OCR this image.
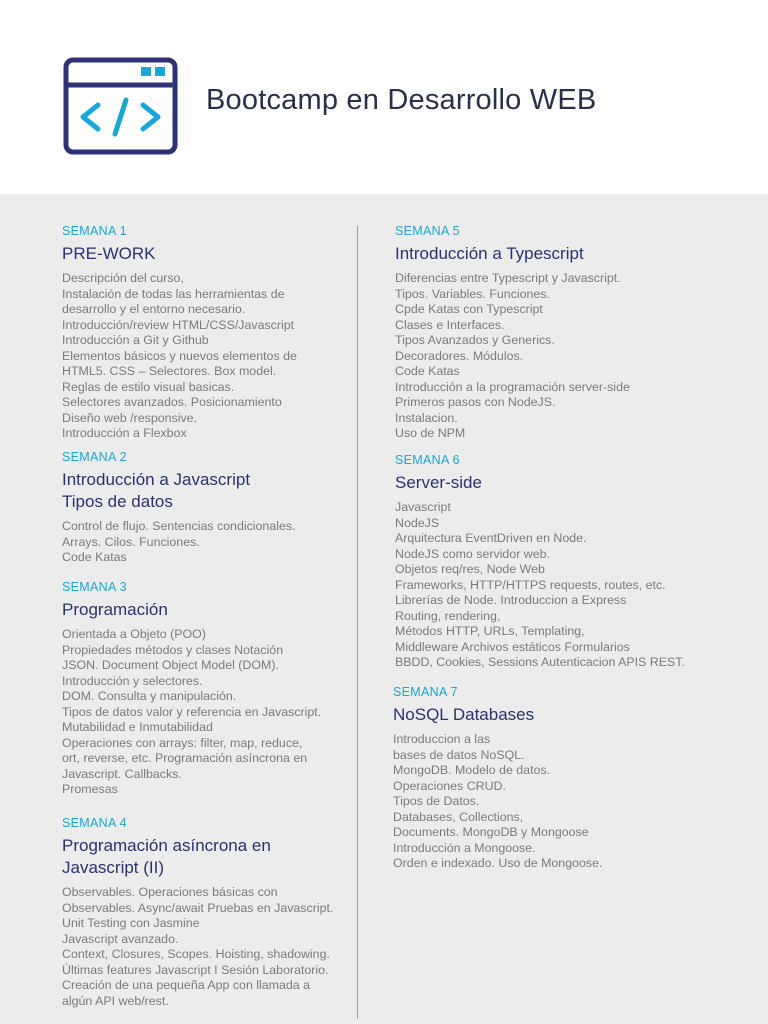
Bootcamp en Desarrollo WEB
SEMANA 1
PRE-WORK
Descripción del curso,
Instalación de todas las herramientas de
desarrollo y el entorno necesario.
Introducción/review HTML/CSS/Javascript
Introducción a Git y Github
Elementos básicos y nuevos elementos de
HTML5. CSS – Selectores. Box model.
Reglas de estilo visual basicas.
Selectores avanzados. Posicionamiento
Diseño web /responsive.
Introducción a Flexbox
SEMANA 2
Introducción a Javascript
Tipos de datos
Control de flujo. Sentencias condicionales.
Arrays. Cilos. Funciones.
Code Katas
SEMANA 3
Programación
Orientada a Objeto (POO)
Propiedades métodos y clases Notación
JSON. Document Object Model (DOM).
Introducción y selectores.
DOM. Consulta y manipulación.
Tipos de datos valor y referencia en Javascript.
Mutabilidad e Inmutabilidad
Operaciones con arrays: filter, map, reduce,
ort, reverse, etc. Programación asíncrona en
Javascript. Callbacks.
Promesas
SEMANA 4
Programación asíncrona en
Javascript (II)
Observables. Operaciones básicas con
Observables. Async/await Pruebas en Javascript.
Unit Testing con Jasmine
Javascript avanzado.
Context, Closures, Scopes. Hoisting, shadowing.
Últimas features Javascript I Sesión Laboratorio.
Creación de una pequeña App con llamada a
algún API web/rest.
SEMANA 5
Introducción a Typescript
Diferencias entre Typescript y Javascript.
Tipos. Variables. Funciones.
Cpde Katas con Typescript
Clases e Interfaces.
Tipos Avanzados y Generics.
Decoradores. Módulos.
Code Katas
Introducción a la programación server-side
Primeros pasos con NodeJS.
Instalacion.
Uso de NPM
SEMANA 6
Server-side
Javascript
NodeJS
Arquitectura EventDriven en Node.
NodeJS como servidor web.
Objetos req/res, Node Web
Frameworks, HTTP/HTTPS requests, routes, etc.
Librerías de Node. Introduccion a Express
Routing, rendering,
Métodos HTTP, URLs, Templating,
Middleware Archivos estáticos Formularios
BBDD, Cookies, Sessions Autenticacion APIS REST.
SEMANA 7
NoSQL Databases
Introduccion a las
bases de datos NoSQL.
MongoDB. Modelo de datos.
Operaciones CRUD.
Tipos de Datos.
Databases, Collections,
Documents. MongoDB y Mongoose
Introducción a Mongoose.
Orden e indexado. Uso de Mongoose.
